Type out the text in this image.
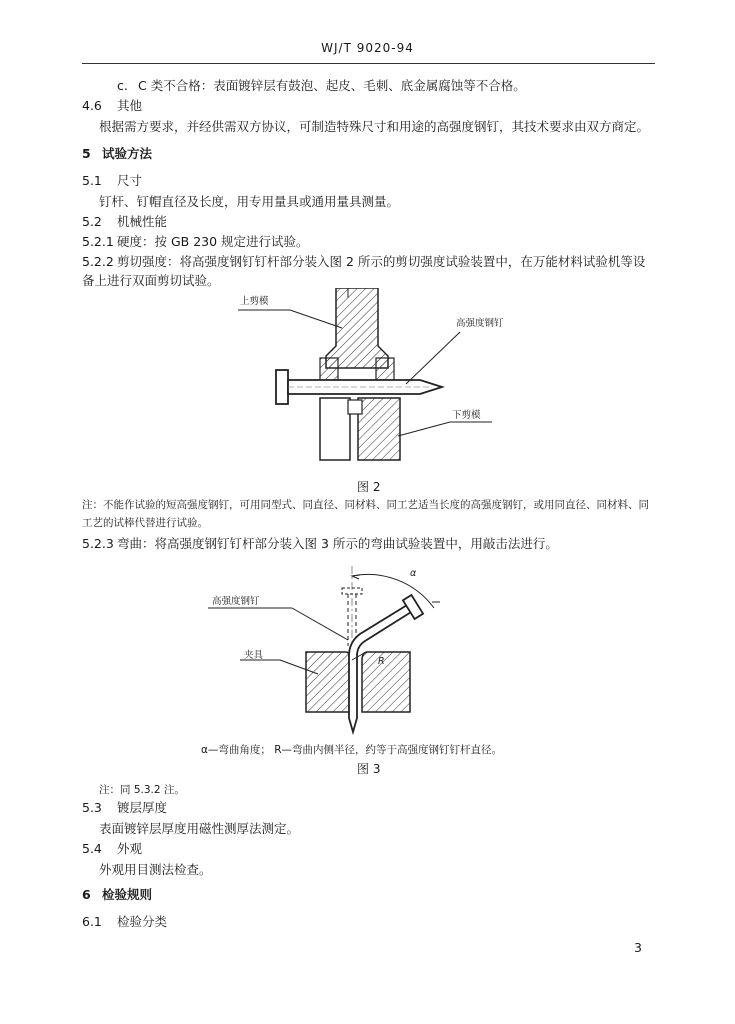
WJ/T 9020-94
c. C 类不合格：表面镀锌层有鼓泡、起皮、毛刺、底金属腐蚀等不合格。
4.6 其他
根据需方要求，并经供需双方协议，可制造特殊尺寸和用途的高强度钢钉，其技术要求由双方商定。
5 试验方法
5.1 尺寸
钉杆、钉帽直径及长度，用专用量具或通用量具测量。
5.2 机械性能
5.2.1 硬度：按 GB 230 规定进行试验。
5.2.2 剪切强度：将高强度钢钉钉杆部分装入图 2 所示的剪切强度试验装置中，在万能材料试验机等设
备上进行双面剪切试验。
上剪模
高强度钢钉
下剪模
图 2
注：不能作试验的短高强度钢钉，可用同型式、同直径、同材料、同工艺适当长度的高强度钢钉，或用同直径、同材料、同
工艺的试棒代替进行试验。
5.2.3 弯曲：将高强度钢钉钉杆部分装入图 3 所示的弯曲试验装置中，用敲击法进行。
高强度钢钉
夹具
α
R
α—弯曲角度； R—弯曲内侧半径，约等于高强度钢钉钉杆直径。
图 3
注：同 5.3.2 注。
5.3 镀层厚度
表面镀锌层厚度用磁性测厚法测定。
5.4 外观
外观用目测法检查。
6 检验规则
6.1 检验分类
3
